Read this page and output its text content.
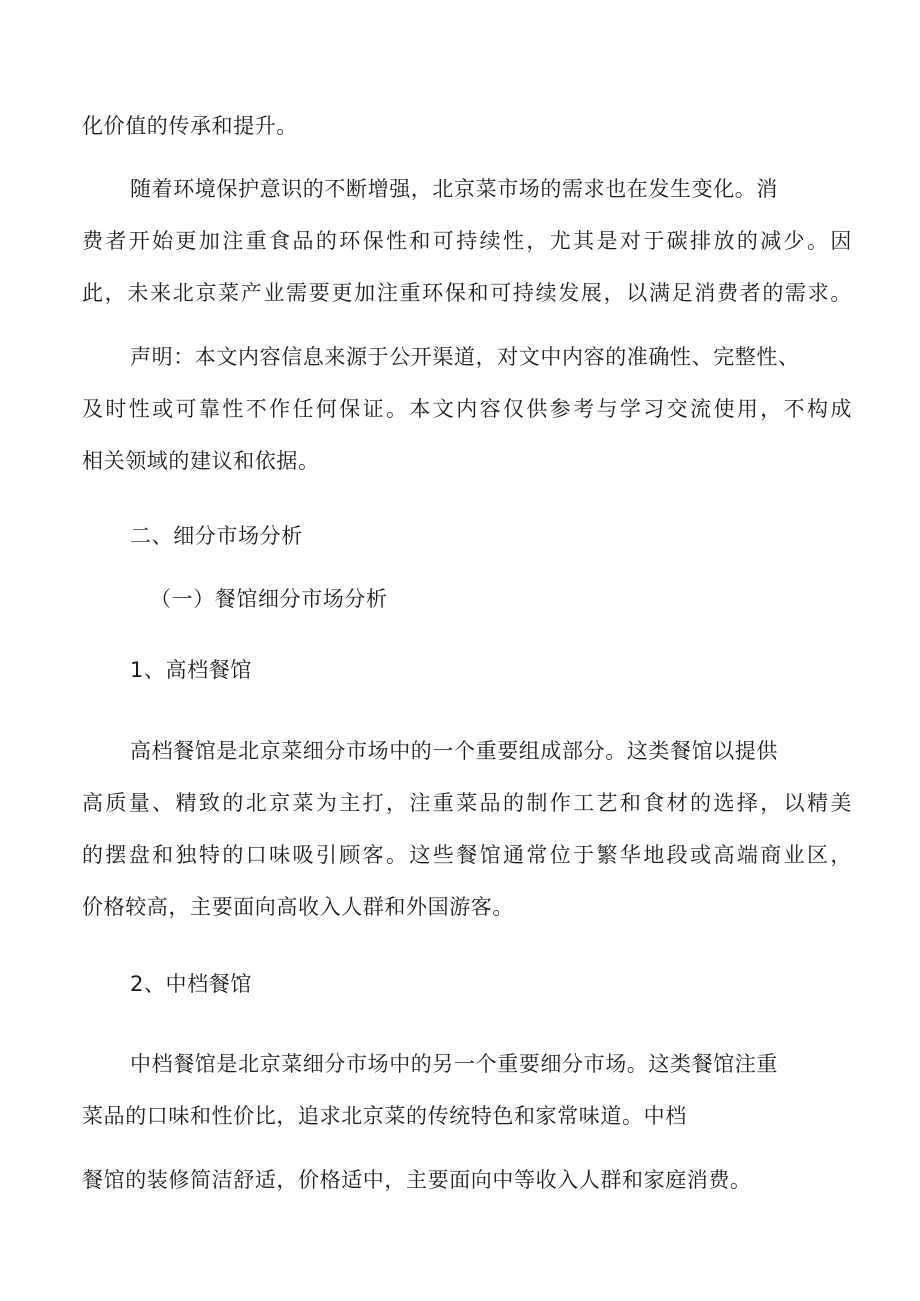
化价值的传承和提升。
随着环境保护意识的不断增强，北京菜市场的需求也在发生变化。消
费者开始更加注重食品的环保性和可持续性，尤其是对于碳排放的减少。因
此，未来北京菜产业需要更加注重环保和可持续发展，以满足消费者的需求。
声明：本文内容信息来源于公开渠道，对文中内容的准确性、完整性、
及时性或可靠性不作任何保证。本文内容仅供参考与学习交流使用，不构成
相关领域的建议和依据。
二、细分市场分析
（一）餐馆细分市场分析
1、高档餐馆
高档餐馆是北京菜细分市场中的一个重要组成部分。这类餐馆以提供
高质量、精致的北京菜为主打，注重菜品的制作工艺和食材的选择，以精美
的摆盘和独特的口味吸引顾客。这些餐馆通常位于繁华地段或高端商业区，
价格较高，主要面向高收入人群和外国游客。
2、中档餐馆
中档餐馆是北京菜细分市场中的另一个重要细分市场。这类餐馆注重
菜品的口味和性价比，追求北京菜的传统特色和家常味道。中档
餐馆的装修简洁舒适，价格适中，主要面向中等收入人群和家庭消费。
